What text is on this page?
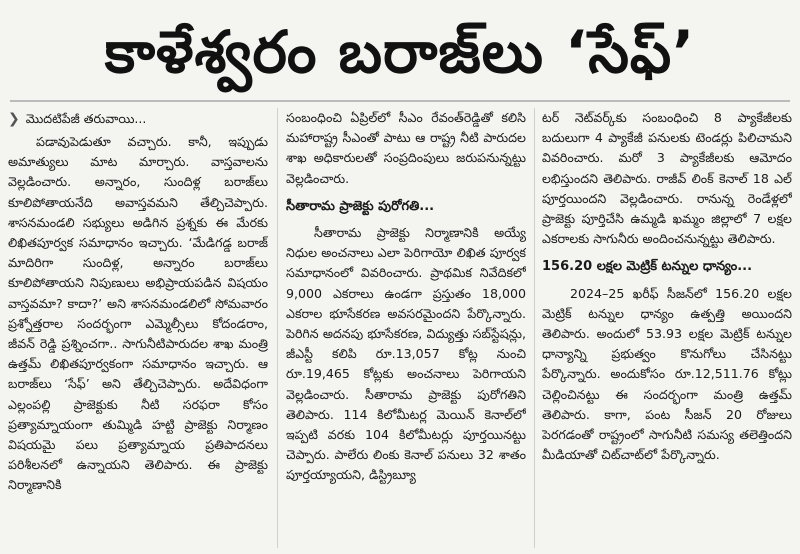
కాళేశ్వరం బరాజ్‌లు ‘సేఫ్’
❯ మొదటిపేజీ తరువాయి...

పడావుపెడుతూ వచ్చారు. కానీ, ఇప్పుడు అమాత్యులు మాట మార్చారు. వాస్తవాలను వెల్లడించారు. అన్నారం, సుందిళ్ల బరాజ్‌లు కూలిపోతాయనేది అవాస్తవమని తేల్చిచెప్పారు. శాసనమండలి సభ్యులు అడిగిన ప్రశ్నకు ఈ మేరకు లిఖితపూర్వక సమాధానం ఇచ్చారు. ‘మేడిగడ్డ బరాజ్ మాదిరిగా సుందిళ్ల, అన్నారం బరాజ్‌లు కూలిపోతాయని నిపుణులు అభిప్రాయపడిన విషయం వాస్తవమా? కాదా?’ అని శాసనమండలిలో సోమవారం ప్రశ్నోత్తరాల సందర్భంగా ఎమ్మెల్సీలు కోదండరాం, జీవన్ రెడ్డి ప్రశ్నించగా.. సాగునీటిపారుదల శాఖ మంత్రి ఉత్తమ్ లిఖితపూర్వకంగా సమాధానం ఇచ్చారు. ఆ బరాజ్‌లు ‘సేఫ్’ అని తేల్చిచెప్పారు. అదేవిధంగా ఎల్లంపల్లి ప్రాజెక్టుకు నీటి సరఫరా కోసం ప్రత్యామ్నాయంగా తుమ్మిడి హట్టి ప్రాజెక్టు నిర్మాణం విషయమై పలు ప్రత్యామ్నాయ ప్రతిపాదనలు పరిశీలనలో ఉన్నాయని తెలిపారు. ఈ ప్రాజెక్టు నిర్మాణానికి

సంబంధించి ఏప్రిల్‌లో సీఎం రేవంత్‌రెడ్డితో కలిసి మహారాష్ట్ర సీఎంతో పాటు ఆ రాష్ట్ర నీటి పారుదల శాఖ అధికారులతో సంప్రదింపులు జరుపనున్నట్టు వెల్లడించారు.

సీతారామ ప్రాజెక్టు పురోగతి...

సీతారామ ప్రాజెక్టు నిర్మాణానికి అయ్యే నిధుల అంచనాలు ఎలా పెరిగాయో లిఖిత పూర్వక సమాధానంలో వివరించారు. ప్రాథమిక నివేదికలో 9,000 ఎకరాలు ఉండగా ప్రస్తుతం 18,000 ఎకరాల భూసేకరణ అవసరమైందని పేర్కొన్నారు. పెరిగిన అదనపు భూసేకరణ, విద్యుత్తు సబ్‌స్టేషన్లు, జీఎస్టీ కలిపి రూ.13,057 కోట్ల నుంచి రూ.19,465 కోట్లకు అంచనాలు పెరిగాయని వెల్లడించారు. సీతారామ ప్రాజెక్టు పురోగతిని తెలిపారు. 114 కిలోమీటర్ల మెయిన్ కెనాల్‌లో ఇప్పటి వరకు 104 కిలోమీటర్లు పూర్తయినట్టు చెప్పారు. పాలేరు లింకు కెనాల్ పనులు 32 శాతం పూర్తయ్యాయని, డిస్ట్రిబ్యూ

టర్ నెట్‌వర్క్‌కు సంబంధించి 8 ప్యాకేజీలకు బదులుగా 4 ప్యాకేజీ పనులకు టెండర్లు పిలిచామని వివరించారు. మరో 3 ప్యాకేజీలకు ఆమోదం లభిస్తుందని తెలిపారు. రాజీవ్ లింక్ కెనాల్ 18 ఎల్ పూర్తయిందని వెల్లడించారు. రానున్న రెండేళ్లలో ప్రాజెక్టు పూర్తిచేసి ఉమ్మడి ఖమ్మం జిల్లాలో 7 లక్షల ఎకరాలకు సాగునీరు అందించనున్నట్టు తెలిపారు.

156.20 లక్షల మెట్రిక్ టన్నుల ధాన్యం...

2024–25 ఖరీఫ్ సీజన్‌లో 156.20 లక్షల మెట్రిక్ టన్నుల ధాన్యం ఉత్పత్తి అయిందని తెలిపారు. అందులో 53.93 లక్షల మెట్రిక్ టన్నుల ధాన్యాన్ని ప్రభుత్వం కొనుగోలు చేసినట్టు పేర్కొన్నారు. అందుకోసం రూ.12,511.76 కోట్లు చెల్లించినట్టు ఈ సందర్భంగా మంత్రి ఉత్తమ్ తెలిపారు. కాగా, పంట సీజన్ 20 రోజులు పెరగడంతో రాష్ట్రంలో సాగునీటి సమస్య తలెత్తిందని మీడియాతో చిట్‌చాట్‌లో పేర్కొన్నారు.
